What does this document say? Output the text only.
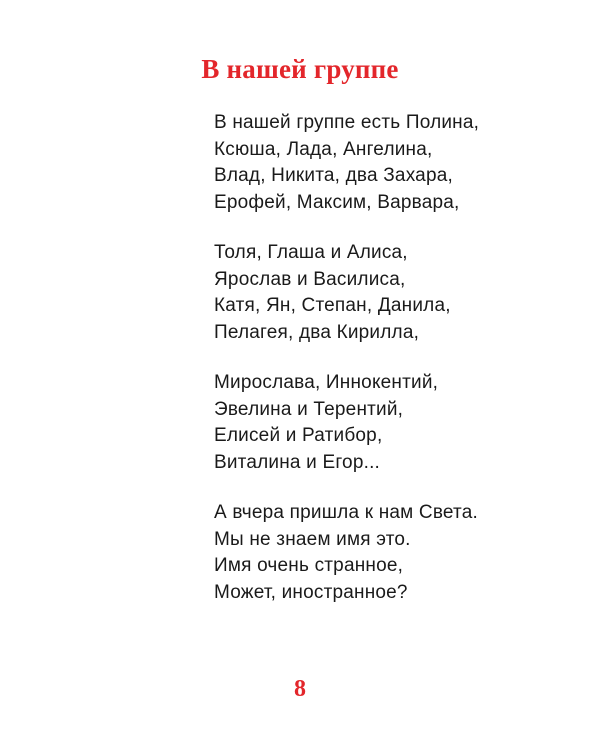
В нашей группе
В нашей группе есть Полина,
Ксюша, Лада, Ангелина,
Влад, Никита, два Захара,
Ерофей, Максим, Варвара,
Толя, Глаша и Алиса,
Ярослав и Василиса,
Катя, Ян, Степан, Данила,
Пелагея, два Кирилла,
Мирослава, Иннокентий,
Эвелина и Терентий,
Елисей и Ратибор,
Виталина и Егор...
А вчера пришла к нам Света.
Мы не знаем имя это.
Имя очень странное,
Может, иностранное?
8
